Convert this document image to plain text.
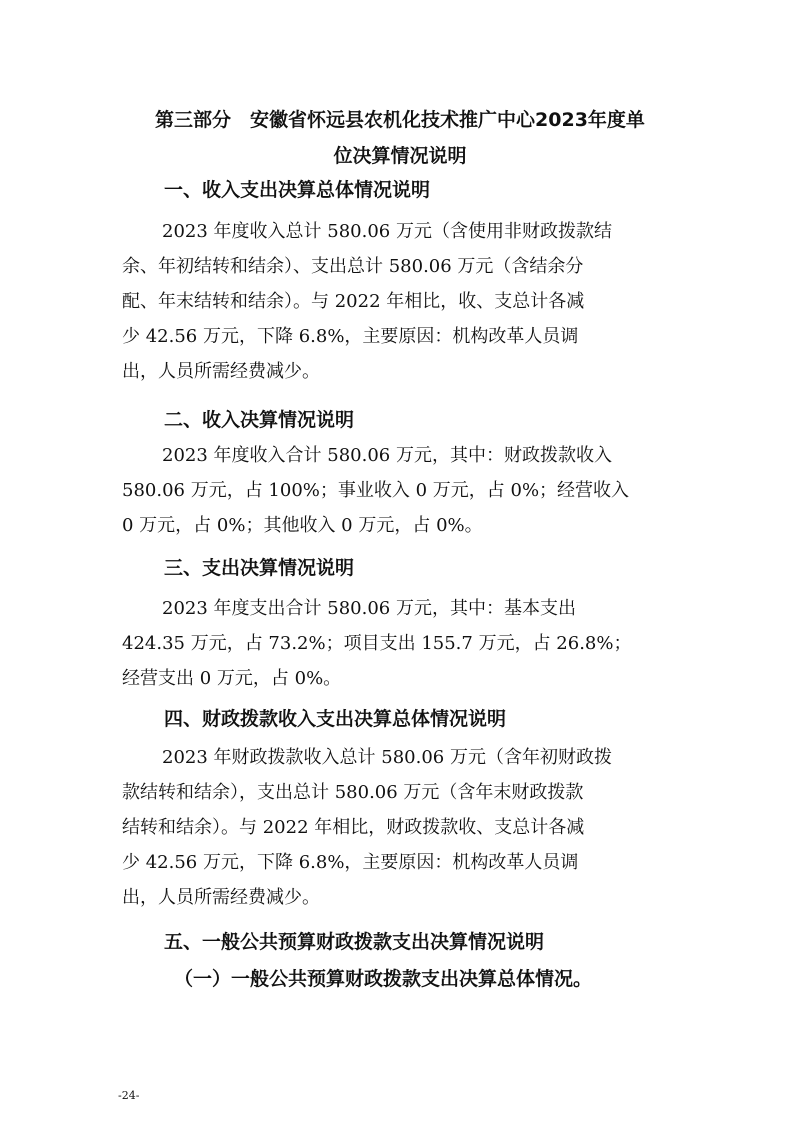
第三部分　安徽省怀远县农机化技术推广中心2023年度单
位决算情况说明
一、收入支出决算总体情况说明
2023 年度收入总计 580.06 万元（含使用非财政拨款结
余、年初结转和结余）、支出总计 580.06 万元（含结余分
配、年末结转和结余）。与 2022 年相比，收、支总计各减
少 42.56 万元，下降 6.8%，主要原因：机构改革人员调
出，人员所需经费减少。
二、收入决算情况说明
2023 年度收入合计 580.06 万元，其中：财政拨款收入
580.06 万元，占 100%；事业收入 0 万元，占 0%；经营收入
0 万元，占 0%；其他收入 0 万元，占 0%。
三、支出决算情况说明
2023 年度支出合计 580.06 万元，其中：基本支出
424.35 万元，占 73.2%；项目支出 155.7 万元，占 26.8%；
经营支出 0 万元，占 0%。
四、财政拨款收入支出决算总体情况说明
2023 年财政拨款收入总计 580.06 万元（含年初财政拨
款结转和结余），支出总计 580.06 万元（含年末财政拨款
结转和结余）。与 2022 年相比，财政拨款收、支总计各减
少 42.56 万元，下降 6.8%，主要原因：机构改革人员调
出，人员所需经费减少。
五、一般公共预算财政拨款支出决算情况说明
（一）一般公共预算财政拨款支出决算总体情况。
-24-
